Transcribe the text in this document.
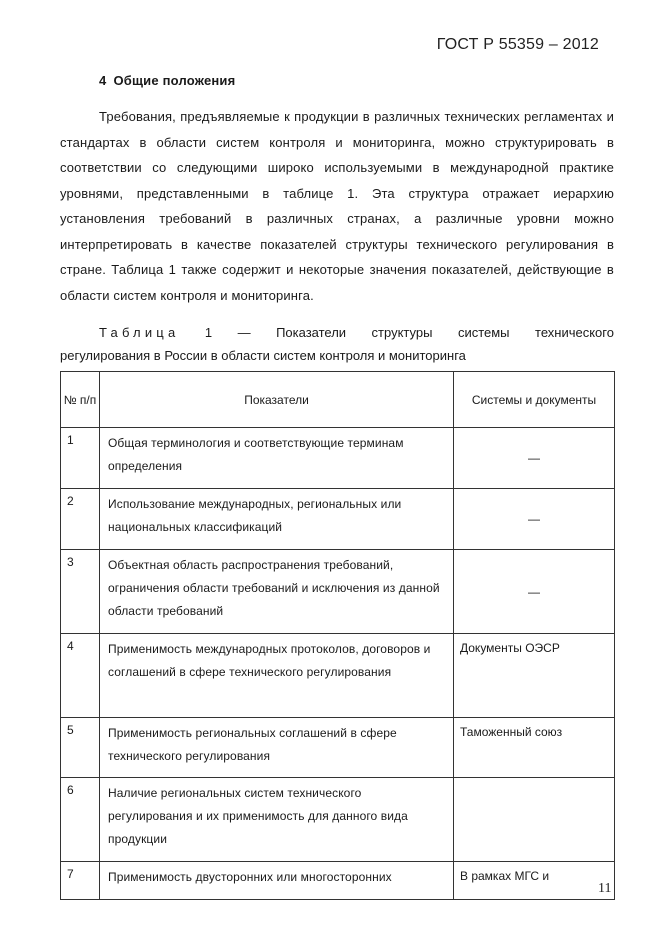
ГОСТ Р 55359 – 2012
4 Общие положения

Требования, предъявляемые к продукции в различных технических регламентах и стандартах в области систем контроля и мониторинга, можно структурировать в соответствии со следующими широко используемыми в международной практике уровнями, представленными в таблице 1. Эта структура отражает иерархию установления требований в различных странах, а различные уровни можно интерпретировать в качестве показателей структуры технического регулирования в стране. Таблица 1 также содержит и некоторые значения показателей, действующие в области систем контроля и мониторинга.

Таблица 1 — Показатели структуры системы технического
регулирования в России в области систем контроля и мониторинга
№ п/п	Показатели	Системы и документы
1	Общая терминология и соответствующие терминам определения	—
2	Использование международных, региональных или национальных классификаций	—
3	Объектная область распространения требований, ограничения области требований и исключения из данной области требований	—
4	Применимость международных протоколов, договоров и соглашений в сфере технического регулирования	Документы ОЭСР
5	Применимость региональных соглашений в сфере технического регулирования	Таможенный союз
6	Наличие региональных систем технического регулирования и их применимость для данного вида продукции	
7	Применимость двусторонних или многосторонних	В рамках МГС и
11
